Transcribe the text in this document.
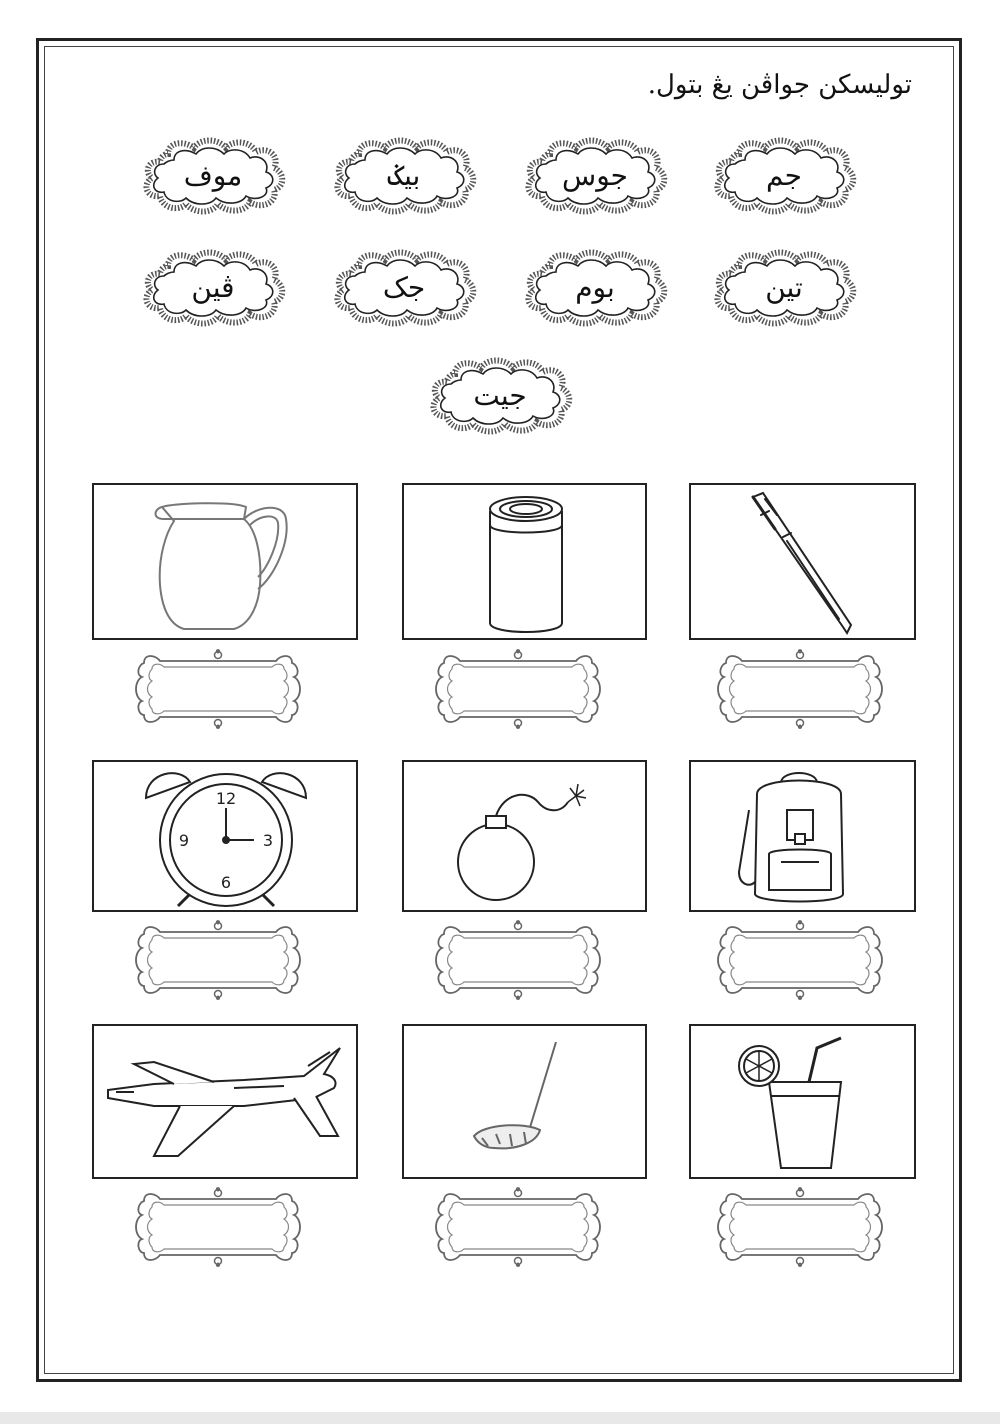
توليسكن جواڤن يڠ بتول.
جم
جوس
بيݢ
موف
تين
بوم
جک
ڤين
جيت
12
3
6
9
